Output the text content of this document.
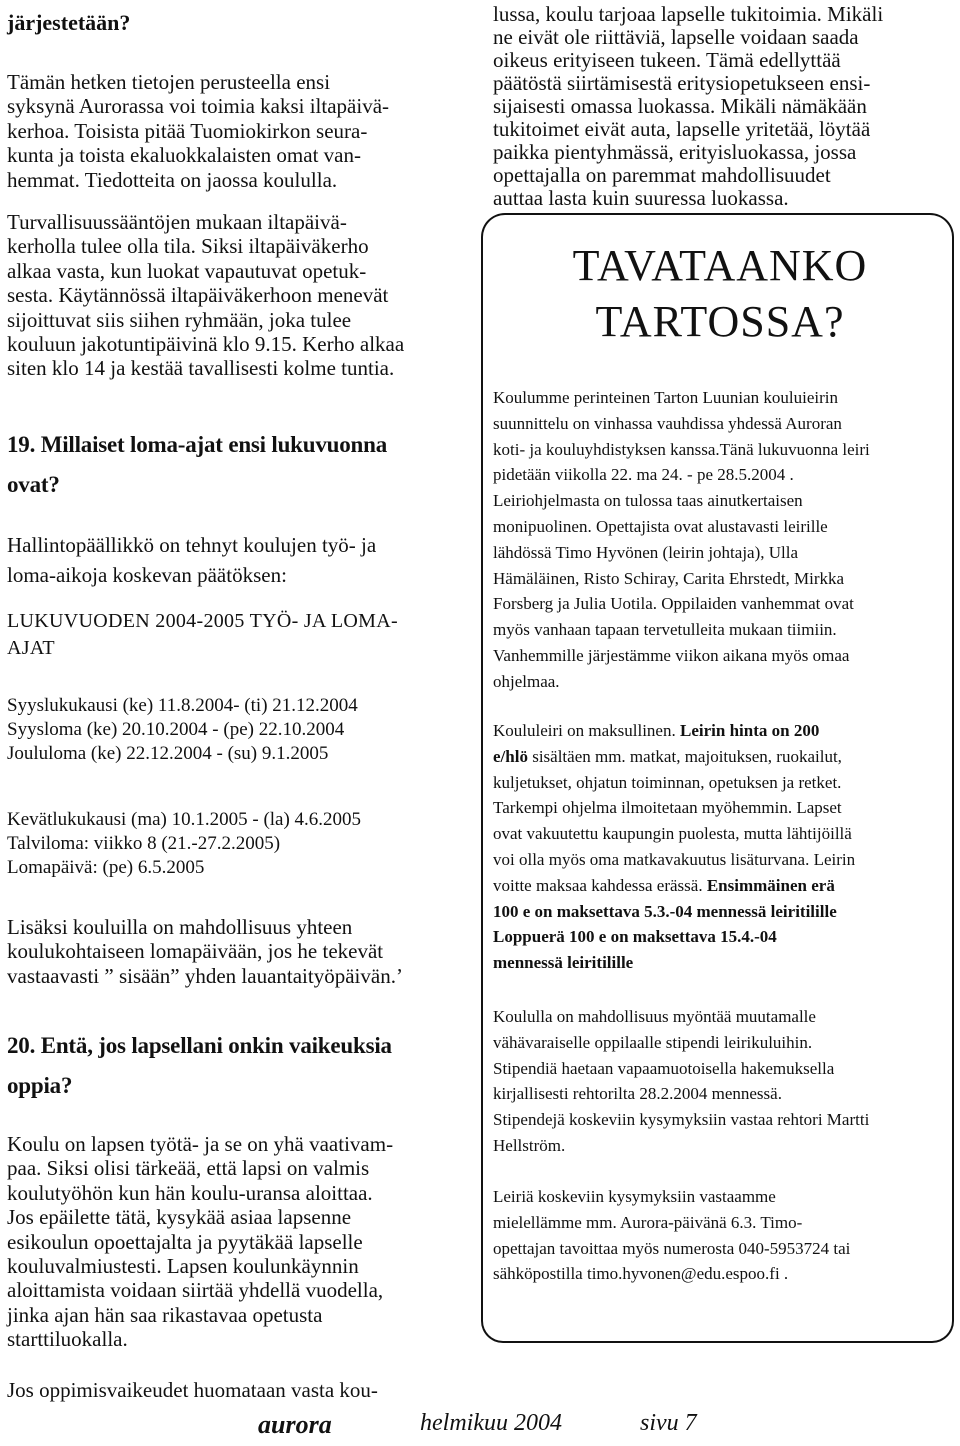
järjestetään?

Tämän hetken tietojen perusteella ensi
syksynä Aurorassa voi toimia kaksi iltapäivä-
kerhoa. Toisista pitää Tuomiokirkon seura-
kunta ja toista ekaluokkalaisten omat van-
hemmat. Tiedotteita on jaossa koululla.
Turvallisuussääntöjen mukaan iltapäivä-
kerholla tulee olla tila. Siksi iltapäiväkerho
alkaa vasta, kun luokat vapautuvat opetuk-
sesta. Käytännössä iltapäiväkerhoon menevät
sijoittuvat siis siihen ryhmään, joka tulee
kouluun jakotuntipäivinä klo 9.15. Kerho alkaa
siten klo 14 ja kestää tavallisesti kolme tuntia.
19. Millaiset loma-ajat ensi lukuvuonna
ovat?
Hallintopäällikkö on tehnyt koulujen työ- ja
loma-aikoja koskevan päätöksen:
LUKUVUODEN 2004-2005 TYÖ- JA LOMA-
AJAT
Syyslukukausi (ke) 11.8.2004- (ti) 21.12.2004
Syysloma (ke) 20.10.2004 - (pe) 22.10.2004
Joululoma (ke) 22.12.2004 - (su) 9.1.2005
Kevätlukukausi (ma) 10.1.2005 - (la) 4.6.2005
Talviloma: viikko 8 (21.-27.2.2005)
Lomapäivä: (pe) 6.5.2005
Lisäksi kouluilla on mahdollisuus yhteen
koulukohtaiseen lomapäivään, jos he tekevät
vastaavasti ” sisään” yhden lauantaityöpäivän.’
20. Entä, jos lapsellani onkin vaikeuksia
oppia?
Koulu on lapsen työtä- ja se on yhä vaativam-
paa. Siksi olisi tärkeää, että lapsi on valmis
koulutyöhön kun hän koulu-uransa aloittaa.
Jos epäilette tätä, kysykää asiaa lapsenne
esikoulun opoettajalta ja pyytäkää lapselle
kouluvalmiustesti. Lapsen koulunkäynnin
aloittamista voidaan siirtää yhdellä vuodella,
jinka ajan hän saa rikastavaa opetusta
starttiluokalla.

Jos oppimisvaikeudet huomataan vasta kou-

lussa, koulu tarjoaa lapselle tukitoimia. Mikäli
ne eivät ole riittäviä, lapselle voidaan saada
oikeus erityiseen tukeen. Tämä edellyttää
päätöstä siirtämisestä eritysiopetukseen ensi-
sijaisesti omassa luokassa. Mikäli nämäkään
tukitoimet eivät auta, lapselle yritetää, löytää
paikka pientyhmässä, erityisluokassa, jossa
opettajalla on paremmat mahdollisuudet
auttaa lasta kuin suuressa luokassa.
TAVATAANKO
TARTOSSA?
Koulumme perinteinen Tarton Luunian kouluieirin
suunnittelu on vinhassa vauhdissa yhdessä Auroran
koti- ja kouluyhdistyksen kanssa.Tänä lukuvuonna leiri
pidetään viikolla 22. ma 24. - pe 28.5.2004 .
Leiriohjelmasta on tulossa taas ainutkertaisen
monipuolinen. Opettajista ovat alustavasti leirille
lähdössä Timo Hyvönen (leirin johtaja), Ulla
Hämäläinen, Risto Schiray, Carita Ehrstedt, Mirkka
Forsberg ja Julia Uotila. Oppilaiden vanhemmat ovat
myös vanhaan tapaan tervetulleita mukaan tiimiin.
Vanhemmille järjestämme viikon aikana myös omaa
ohjelmaa.
Koululeiri on maksullinen. Leirin hinta on 200
e/hlö sisältäen mm. matkat, majoituksen, ruokailut,
kuljetukset, ohjatun toiminnan, opetuksen ja retket.
Tarkempi ohjelma ilmoitetaan myöhemmin. Lapset
ovat vakuutettu kaupungin puolesta, mutta lähtijöillä
voi olla myös oma matkavakuutus lisäturvana. Leirin
voitte maksaa kahdessa erässä. Ensimmäinen erä
100 e on maksettava 5.3.-04 mennessä leiritilille
Loppuerä 100 e on maksettava 15.4.-04
mennessä leiritilille
Koululla on mahdollisuus myöntää muutamalle
vähävaraiselle oppilaalle stipendi leirikuluihin.
Stipendiä haetaan vapaamuotoisella hakemuksella
kirjallisesti rehtorilta 28.2.2004 mennessä.
Stipendejä koskeviin kysymyksiin vastaa rehtori Martti
Hellström.
Leiriä koskeviin kysymyksiin vastaamme
mielellämme mm. Aurora-päivänä 6.3. Timo-
opettajan tavoittaa myös numerosta 040-5953724 tai
sähköpostilla timo.hyvonen@edu.espoo.fi .
aurora	helmikuu 2004	sivu 7
